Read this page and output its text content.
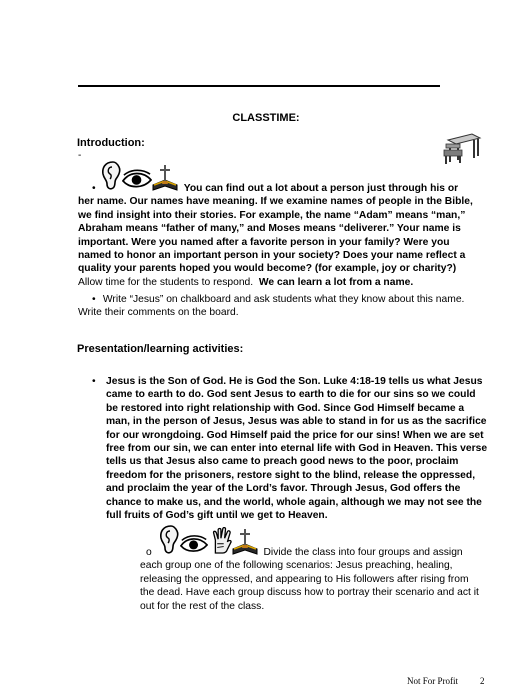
CLASSTIME:
Introduction:
-
•	You can find out a lot about a person just through his or her name. Our names have meaning. If we examine names of people in the Bible, we find insight into their stories. For example, the name “Adam” means “man,” Abraham means “father of many,” and Moses means “deliverer.” Your name is important. Were you named after a favorite person in your family? Were you named to honor an important person in your society? Does your name reflect a quality your parents hoped you would become? (for example, joy or charity?) Allow time for the students to respond. We can learn a lot from a name.
• Write “Jesus” on chalkboard and ask students what they know about this name. Write their comments on the board.
Presentation/learning activities:
•	Jesus is the Son of God. He is God the Son. Luke 4:18-19 tells us what Jesus came to earth to do. God sent Jesus to earth to die for our sins so we could be restored into right relationship with God. Since God Himself became a man, in the person of Jesus, Jesus was able to stand in for us as the sacrifice for our wrongdoing. God Himself paid the price for our sins! When we are set free from our sin, we can enter into eternal life with God in Heaven. This verse tells us that Jesus also came to preach good news to the poor, proclaim freedom for the prisoners, restore sight to the blind, release the oppressed, and proclaim the year of the Lord’s favor. Through Jesus, God offers the chance to make us, and the world, whole again, although we may not see the full fruits of God’s gift until we get to Heaven.
o	Divide the class into four groups and assign each group one of the following scenarios: Jesus preaching, healing, releasing the oppressed, and appearing to His followers after rising from the dead. Have each group discuss how to portray their scenario and act it out for the rest of the class.
Not For Profit 2
